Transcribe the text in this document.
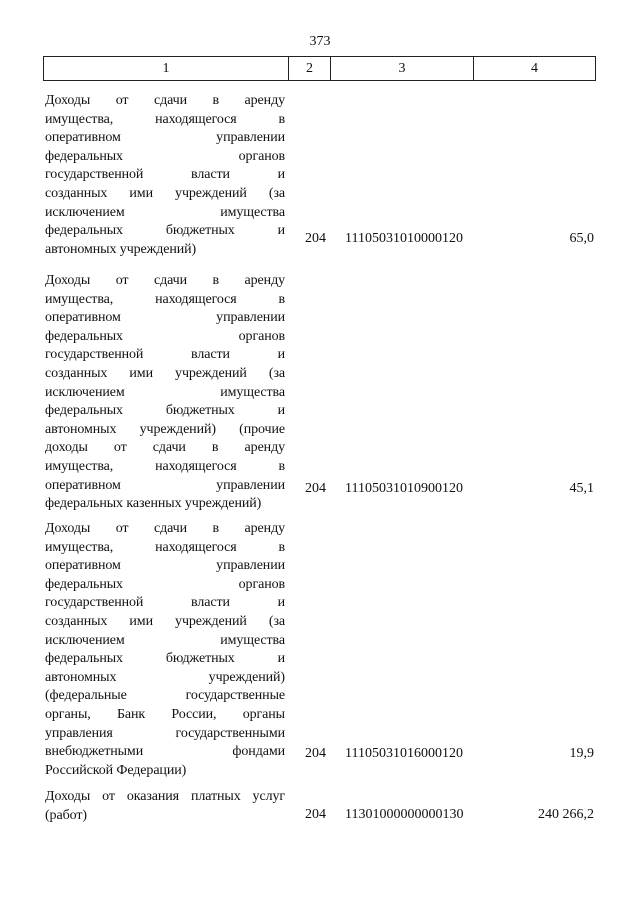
373
1	2	3	4
Доходы от сдачи в аренду
имущества, находящегося в
оперативном управлении
федеральных органов
государственной власти и
созданных ими учреждений (за
исключением имущества
федеральных бюджетных и
автономных учреждений)
204	11105031010000120	65,0
Доходы от сдачи в аренду
имущества, находящегося в
оперативном управлении
федеральных органов
государственной власти и
созданных ими учреждений (за
исключением имущества
федеральных бюджетных и
автономных учреждений) (прочие
доходы от сдачи в аренду
имущества, находящегося в
оперативном управлении
федеральных казенных учреждений)
204	11105031010900120	45,1
Доходы от сдачи в аренду
имущества, находящегося в
оперативном управлении
федеральных органов
государственной власти и
созданных ими учреждений (за
исключением имущества
федеральных бюджетных и
автономных учреждений)
(федеральные государственные
органы, Банк России, органы
управления государственными
внебюджетными фондами
Российской Федерации)
204	11105031016000120	19,9
Доходы от оказания платных услуг
(работ)	204	11301000000000130	240 266,2
